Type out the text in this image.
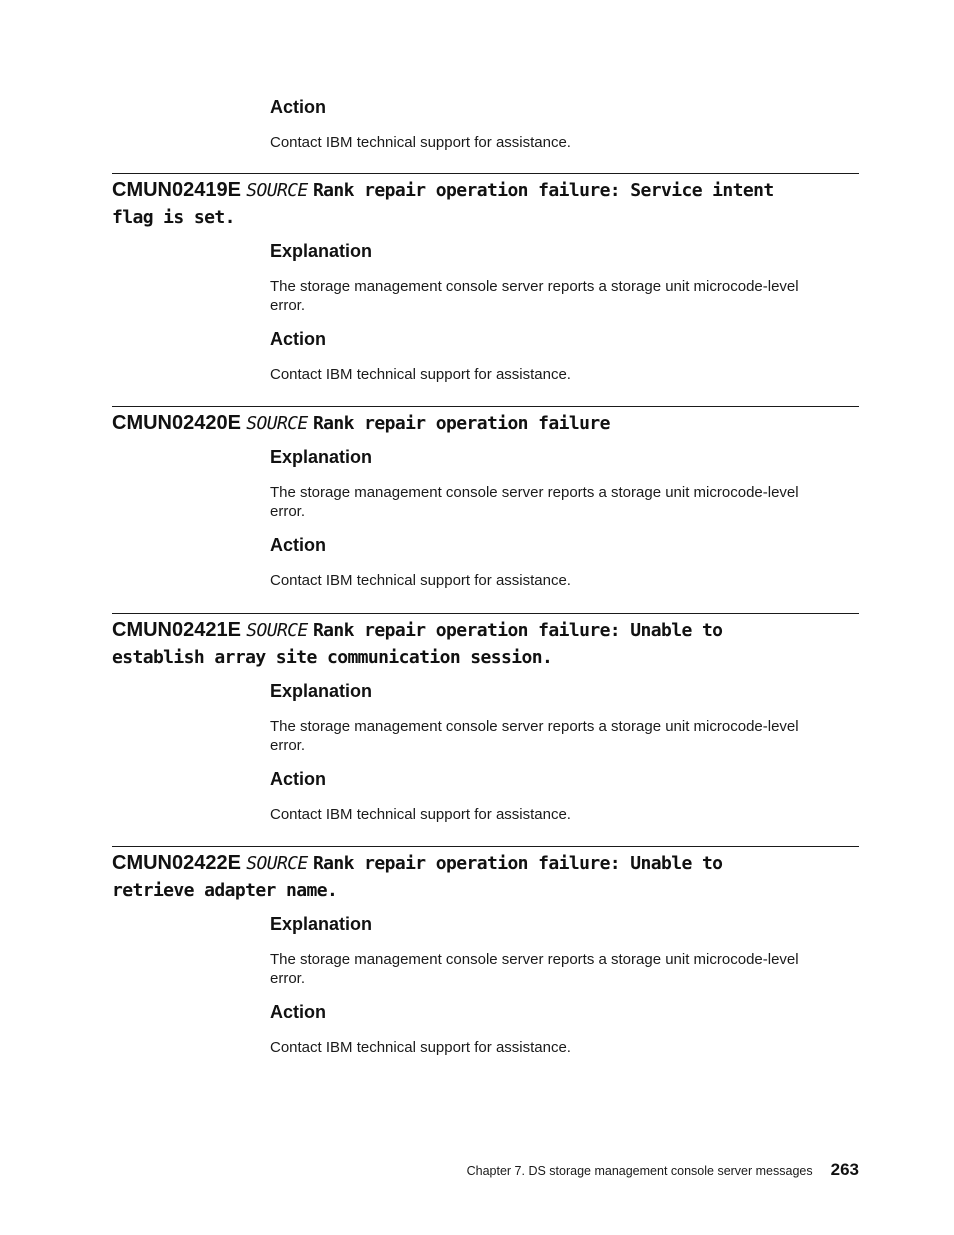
Action

Contact IBM technical support for assistance.

CMUN02419E SOURCE Rank repair operation failure: Service intent
flag is set.
Explanation

The storage management console server reports a storage unit microcode-level error.

Action

Contact IBM technical support for assistance.

CMUN02420E SOURCE Rank repair operation failure
Explanation

The storage management console server reports a storage unit microcode-level error.

Action

Contact IBM technical support for assistance.

CMUN02421E SOURCE Rank repair operation failure: Unable to
establish array site communication session.
Explanation

The storage management console server reports a storage unit microcode-level error.

Action

Contact IBM technical support for assistance.

CMUN02422E SOURCE Rank repair operation failure: Unable to
retrieve adapter name.
Explanation

The storage management console server reports a storage unit microcode-level error.

Action

Contact IBM technical support for assistance.

Chapter 7. DS storage management console server messages 263
